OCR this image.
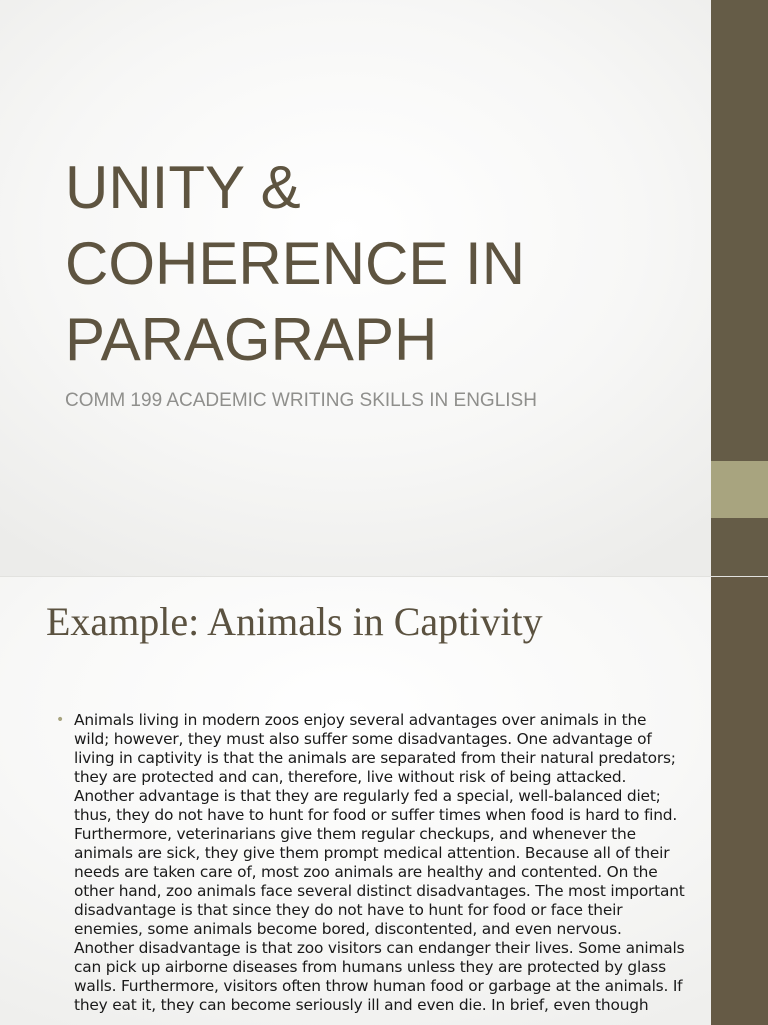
UNITY & COHERENCE IN PARAGRAPH

COMM 199 ACADEMIC WRITING SKILLS IN ENGLISH

Example: Animals in Captivity
• Animals living in modern zoos enjoy several advantages over animals in the wild; however, they must also suffer some disadvantages. One advantage of living in captivity is that the animals are separated from their natural predators; they are protected and can, therefore, live without risk of being attacked. Another advantage is that they are regularly fed a special, well-balanced diet; thus, they do not have to hunt for food or suffer times when food is hard to find. Furthermore, veterinarians give them regular checkups, and whenever the animals are sick, they give them prompt medical attention. Because all of their needs are taken care of, most zoo animals are healthy and contented. On the other hand, zoo animals face several distinct disadvantages. The most important disadvantage is that since they do not have to hunt for food or face their enemies, some animals become bored, discontented, and even nervous. Another disadvantage is that zoo visitors can endanger their lives. Some animals can pick up airborne diseases from humans unless they are protected by glass walls. Furthermore, visitors often throw human food or garbage at the animals. If they eat it, they can become seriously ill and even die. In brief, even though
